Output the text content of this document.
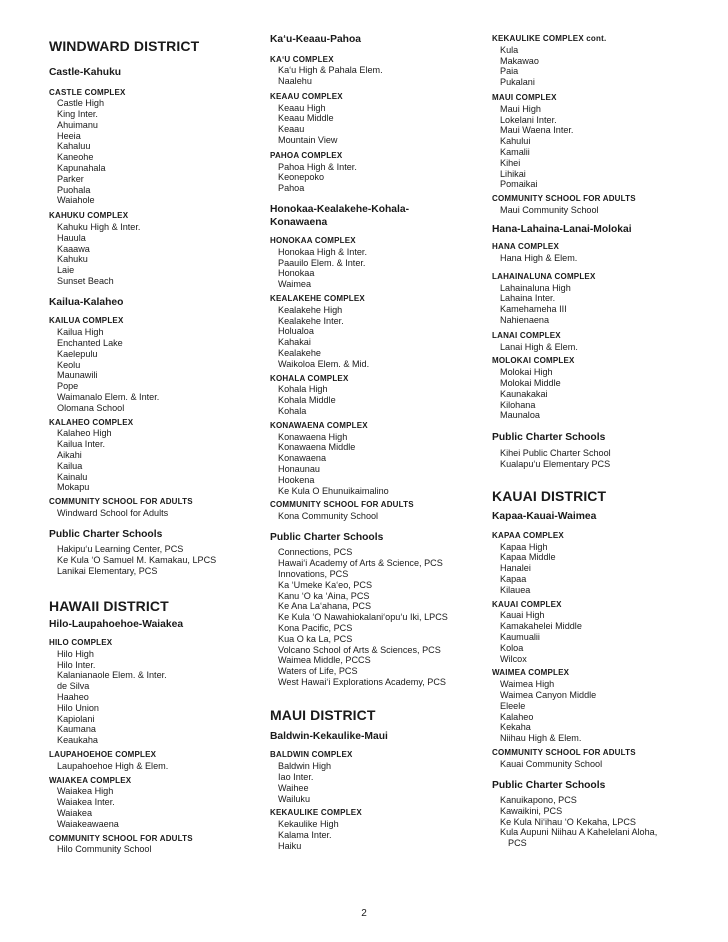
WINDWARD DISTRICT
Castle-Kahuku
CASTLE COMPLEX
Castle High
King Inter.
Ahuimanu
Heeia
Kahaluu
Kaneohe
Kapunahala
Parker
Puohala
Waiahole
KAHUKU COMPLEX
Kahuku High & Inter.
Hauula
Kaaawa
Kahuku
Laie
Sunset Beach
Kailua-Kalaheo
KAILUA COMPLEX
Kailua High
Enchanted Lake
Kaelepulu
Keolu
Maunawili
Pope
Waimanalo Elem. & Inter.
Olomana School
KALAHEO COMPLEX
Kalaheo High
Kailua Inter.
Aikahi
Kailua
Kainalu
Mokapu
COMMUNITY SCHOOL FOR ADULTS
Windward School for Adults
Public Charter Schools
Hakipu‘u Learning Center, PCS
Ke Kula ‘O Samuel M. Kamakau, LPCS
Lanikai Elementary, PCS
HAWAII DISTRICT
Hilo-Laupahoehoe-Waiakea
HILO COMPLEX
Hilo High
Hilo Inter.
Kalanianaole Elem. & Inter.
de Silva
Haaheo
Hilo Union
Kapiolani
Kaumana
Keaukaha
LAUPAHOEHOE COMPLEX
Laupahoehoe High & Elem.
WAIAKEA COMPLEX
Waiakea High
Waiakea Inter.
Waiakea
Waiakeawaena
COMMUNITY SCHOOL FOR ADULTS
Hilo Community School
Ka‘u-Keaau-Pahoa
KA‘U COMPLEX
Ka‘u High & Pahala Elem.
Naalehu
KEAAU COMPLEX
Keaau High
Keaau Middle
Keaau
Mountain View
PAHOA COMPLEX
Pahoa High & Inter.
Keonepoko
Pahoa
Honokaa-Kealakehe-Kohala-
Konawaena
HONOKAA COMPLEX
Honokaa High & Inter.
Paauilo Elem. & Inter.
Honokaa
Waimea
KEALAKEHE COMPLEX
Kealakehe High
Kealakehe Inter.
Holualoa
Kahakai
Kealakehe
Waikoloa Elem. & Mid.
KOHALA COMPLEX
Kohala High
Kohala Middle
Kohala
KONAWAENA COMPLEX
Konawaena High
Konawaena Middle
Konawaena
Honaunau
Hookena
Ke Kula O Ehunuikaimalino
COMMUNITY SCHOOL FOR ADULTS
Kona Community School
Public Charter Schools
Connections, PCS
Hawai‘i Academy of Arts & Science, PCS
Innovations, PCS
Ka ‘Umeke Ka‘eo, PCS
Kanu ‘O ka ‘Aina, PCS
Ke Ana La‘ahana, PCS
Ke Kula ‘O Nawahiokalani‘opu‘u Iki, LPCS
Kona Pacific, PCS
Kua O ka La, PCS
Volcano School of Arts & Sciences, PCS
Waimea Middle, PCCS
Waters of Life, PCS
West Hawai‘i Explorations Academy, PCS
MAUI DISTRICT
Baldwin-Kekaulike-Maui
BALDWIN COMPLEX
Baldwin High
Iao Inter.
Waihee
Wailuku
KEKAULIKE COMPLEX
Kekaulike High
Kalama Inter.
Haiku
KEKAULIKE COMPLEX cont.
Kula
Makawao
Paia
Pukalani
MAUI COMPLEX
Maui High
Lokelani Inter.
Maui Waena Inter.
Kahului
Kamalii
Kihei
Lihikai
Pomaikai
COMMUNITY SCHOOL FOR ADULTS
Maui Community School
Hana-Lahaina-Lanai-Molokai
HANA COMPLEX
Hana High & Elem.
LAHAINALUNA COMPLEX
Lahainaluna High
Lahaina Inter.
Kamehameha III
Nahienaena
LANAI COMPLEX
Lanai High & Elem.
MOLOKAI COMPLEX
Molokai High
Molokai Middle
Kaunakakai
Kilohana
Maunaloa
Public Charter Schools
Kihei Public Charter School
Kualapu‘u Elementary PCS
KAUAI DISTRICT
Kapaa-Kauai-Waimea
KAPAA COMPLEX
Kapaa High
Kapaa Middle
Hanalei
Kapaa
Kilauea
KAUAI COMPLEX
Kauai High
Kamakahelei Middle
Kaumualii
Koloa
Wilcox
WAIMEA COMPLEX
Waimea High
Waimea Canyon Middle
Eleele
Kalaheo
Kekaha
Niihau High & Elem.
COMMUNITY SCHOOL FOR ADULTS
Kauai Community School
Public Charter Schools
Kanuikapono, PCS
Kawaikini, PCS
Ke Kula Ni‘ihau ‘O Kekaha, LPCS
Kula Aupuni Niihau A Kahelelani Aloha,
PCS
2
